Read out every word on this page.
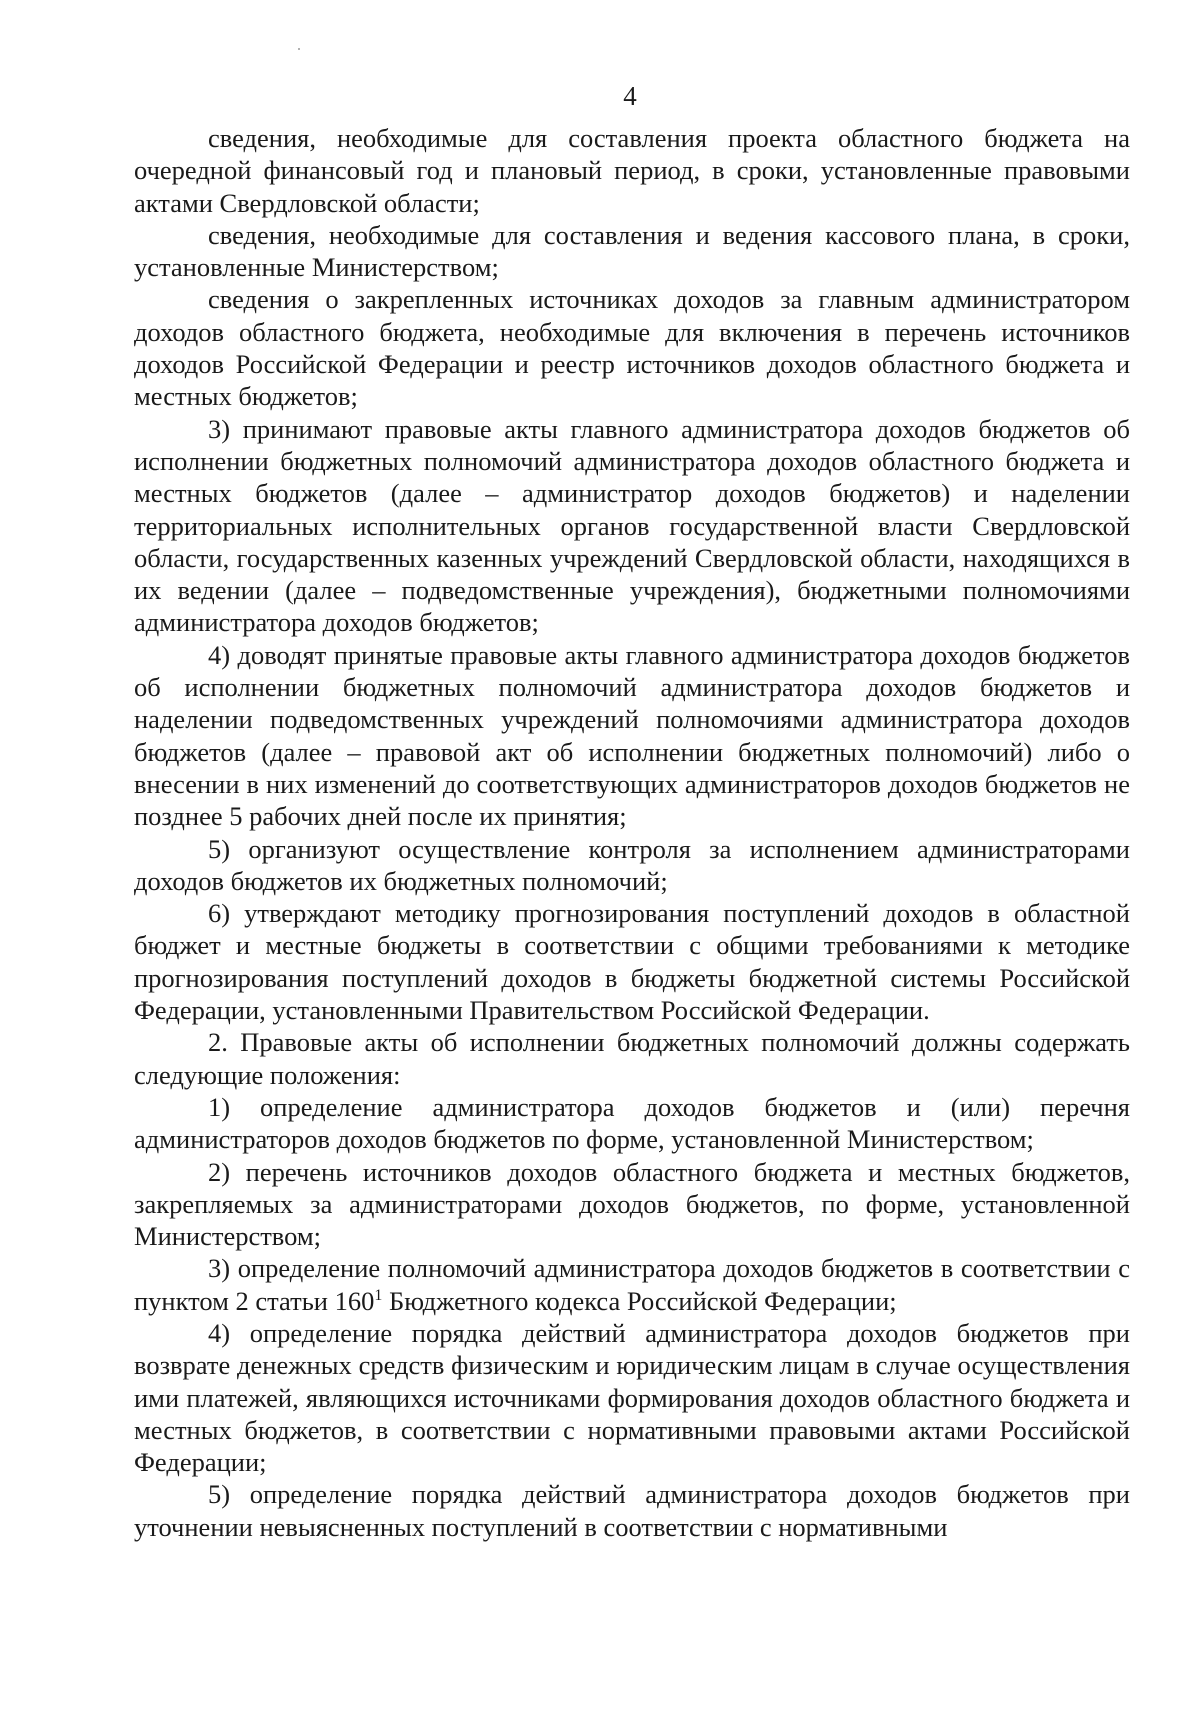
4

сведения, необходимые для составления проекта областного бюджета на очередной финансовый год и плановый период, в сроки, установленные правовыми актами Свердловской области;

сведения, необходимые для составления и ведения кассового плана, в сроки, установленные Министерством;

сведения о закрепленных источниках доходов за главным администратором доходов областного бюджета, необходимые для включения в перечень источников доходов Российской Федерации и реестр источников доходов областного бюджета и местных бюджетов;

3) принимают правовые акты главного администратора доходов бюджетов об исполнении бюджетных полномочий администратора доходов областного бюджета и местных бюджетов (далее – администратор доходов бюджетов) и наделении территориальных исполнительных органов государственной власти Свердловской области, государственных казенных учреждений Свердловской области, находящихся в их ведении (далее – подведомственные учреждения), бюджетными полномочиями администратора доходов бюджетов;

4) доводят принятые правовые акты главного администратора доходов бюджетов об исполнении бюджетных полномочий администратора доходов бюджетов и наделении подведомственных учреждений полномочиями администратора доходов бюджетов (далее – правовой акт об исполнении бюджетных полномочий) либо о внесении в них изменений до соответствующих администраторов доходов бюджетов не позднее 5 рабочих дней после их принятия;

5) организуют осуществление контроля за исполнением администраторами доходов бюджетов их бюджетных полномочий;

6) утверждают методику прогнозирования поступлений доходов в областной бюджет и местные бюджеты в соответствии с общими требованиями к методике прогнозирования поступлений доходов в бюджеты бюджетной системы Российской Федерации, установленными Правительством Российской Федерации.

2. Правовые акты об исполнении бюджетных полномочий должны содержать следующие положения:

1) определение администратора доходов бюджетов и (или) перечня администраторов доходов бюджетов по форме, установленной Министерством;

2) перечень источников доходов областного бюджета и местных бюджетов, закрепляемых за администраторами доходов бюджетов, по форме, установленной Министерством;

3) определение полномочий администратора доходов бюджетов в соответствии с пунктом 2 статьи $160^1$ Бюджетного кодекса Российской Федерации;

4) определение порядка действий администратора доходов бюджетов при возврате денежных средств физическим и юридическим лицам в случае осуществления ими платежей, являющихся источниками формирования доходов областного бюджета и местных бюджетов, в соответствии с нормативными правовыми актами Российской Федерации;

5) определение порядка действий администратора доходов бюджетов при уточнении невыясненных поступлений в соответствии с нормативными
